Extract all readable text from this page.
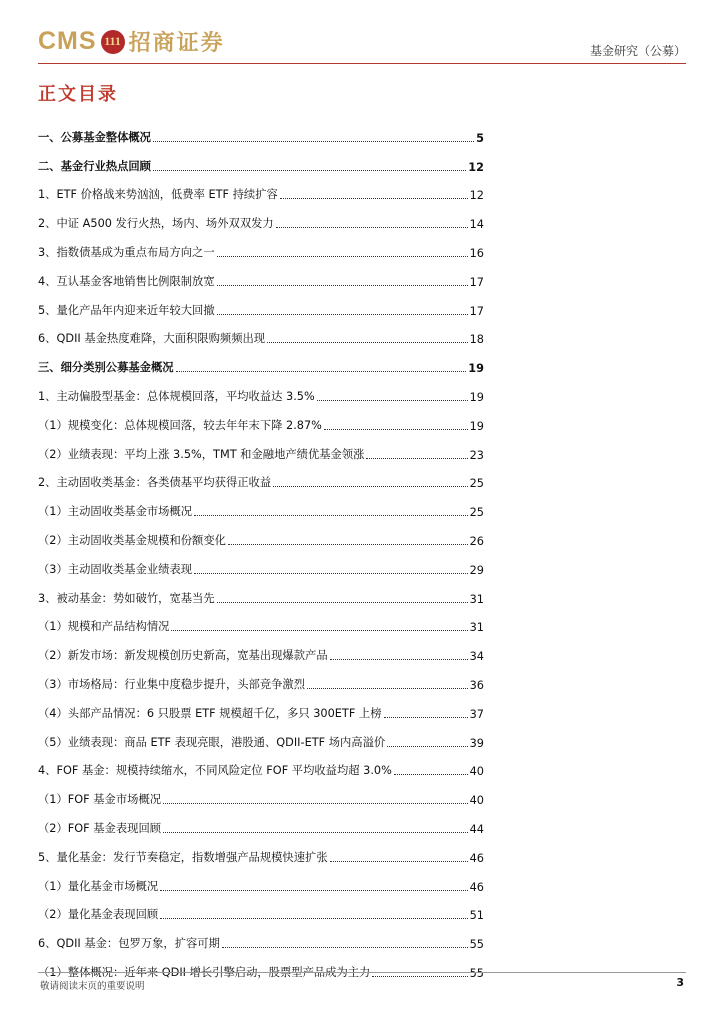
CMS 111 招商证券	基金研究（公募）
正文目录
一、公募基金整体概况	5
二、基金行业热点回顾	12
1、ETF 价格战来势汹汹，低费率 ETF 持续扩容	12
2、中证 A500 发行火热，场内、场外双双发力	14
3、指数债基成为重点布局方向之一	16
4、互认基金客地销售比例限制放宽	17
5、量化产品年内迎来近年较大回撤	17
6、QDII 基金热度难降，大面积限购频频出现	18
三、细分类别公募基金概况	19
1、主动偏股型基金：总体规模回落，平均收益达 3.5%	19
（1）规模变化：总体规模回落，较去年年末下降 2.87%	19
（2）业绩表现：平均上涨 3.5%，TMT 和金融地产绩优基金领涨	23
2、主动固收类基金：各类债基平均获得正收益	25
（1）主动固收类基金市场概况	25
（2）主动固收类基金规模和份额变化	26
（3）主动固收类基金业绩表现	29
3、被动基金：势如破竹，宽基当先	31
（1）规模和产品结构情况	31
（2）新发市场：新发规模创历史新高，宽基出现爆款产品	34
（3）市场格局：行业集中度稳步提升，头部竞争激烈	36
（4）头部产品情况：6 只股票 ETF 规模超千亿，多只 300ETF 上榜	37
（5）业绩表现：商品 ETF 表现亮眼，港股通、QDII-ETF 场内高溢价	39
4、FOF 基金：规模持续缩水，不同风险定位 FOF 平均收益均超 3.0%	40
（1）FOF 基金市场概况	40
（2）FOF 基金表现回顾	44
5、量化基金：发行节奏稳定，指数增强产品规模快速扩张	46
（1）量化基金市场概况	46
（2）量化基金表现回顾	51
6、QDII 基金：包罗万象，扩容可期	55
（1）整体概况：近年来 QDII 增长引擎启动，股票型产品成为主力	55
敬请阅读末页的重要说明	3
